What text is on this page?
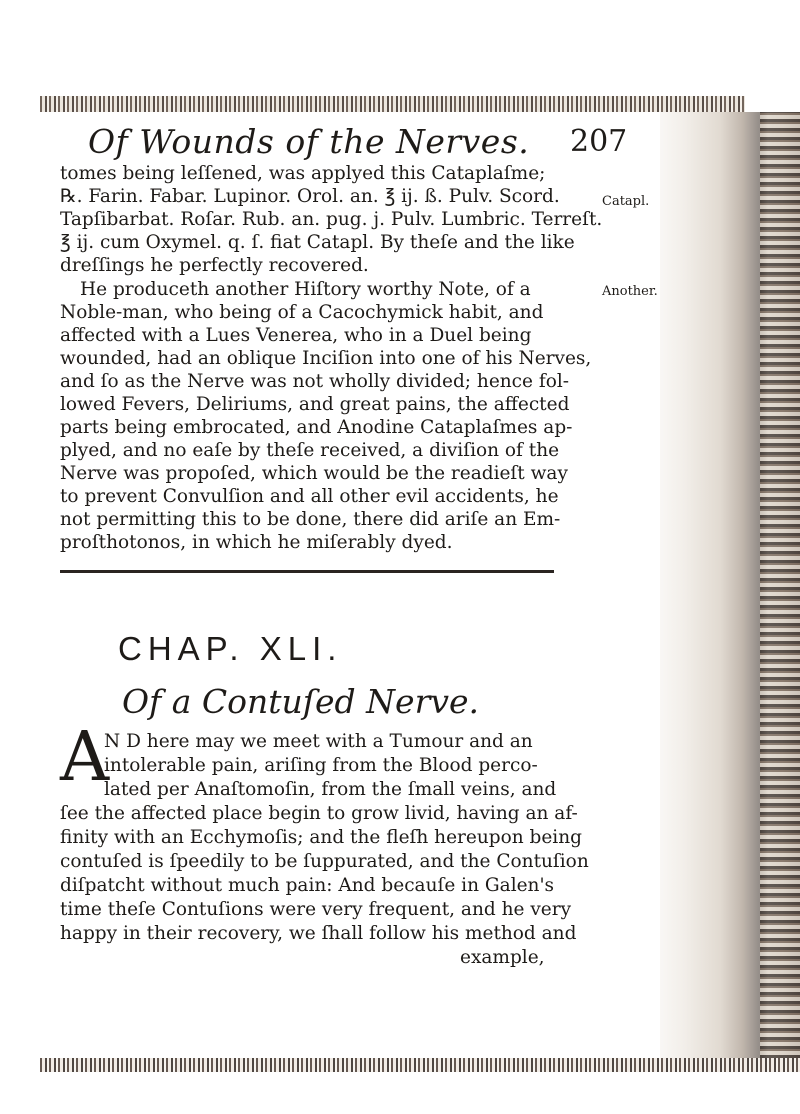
Of Wounds of the Nerves. 207
tomes being leſſened, was applyed this Cataplaſme;
℞. Farin. Fabar. Lupinor. Orol. an. ℥ ij. ß. Pulv. Scord.
Tapſibarbat. Roſar. Rub. an. pug. j. Pulv. Lumbric. Terreſt.
℥ ij. cum Oxymel. q. ſ. fiat Catapl. By theſe and the like
dreſſings he perfectly recovered.
He produceth another Hiſtory worthy Note, of a
Noble-man, who being of a Cacochymick habit, and
affected with a Lues Venerea, who in a Duel being
wounded, had an oblique Inciſion into one of his Nerves,
and ſo as the Nerve was not wholly divided; hence fol-
lowed Fevers, Deliriums, and great pains, the affected
parts being embrocated, and Anodine Cataplaſmes ap-
plyed, and no eaſe by theſe received, a diviſion of the
Nerve was propoſed, which would be the readieſt way
to prevent Convulſion and all other evil accidents, he
not permitting this to be done, there did ariſe an Em-
proſthotonos, in which he miſerably dyed.
Catapl.
Another.
CHAP. XLI.
Of a Contuſed Nerve.
A
N D here may we meet with a Tumour and an
intolerable pain, ariſing from the Blood perco-
lated per Anaſtomoſin, from the ſmall veins, and
ſee the affected place begin to grow livid, having an af-
finity with an Ecchymoſis; and the fleſh hereupon being
contuſed is ſpeedily to be ſuppurated, and the Contuſion
diſpatcht without much pain: And becauſe in Galen's
time theſe Contuſions were very frequent, and he very
happy in their recovery, we ſhall follow his method and
example,
